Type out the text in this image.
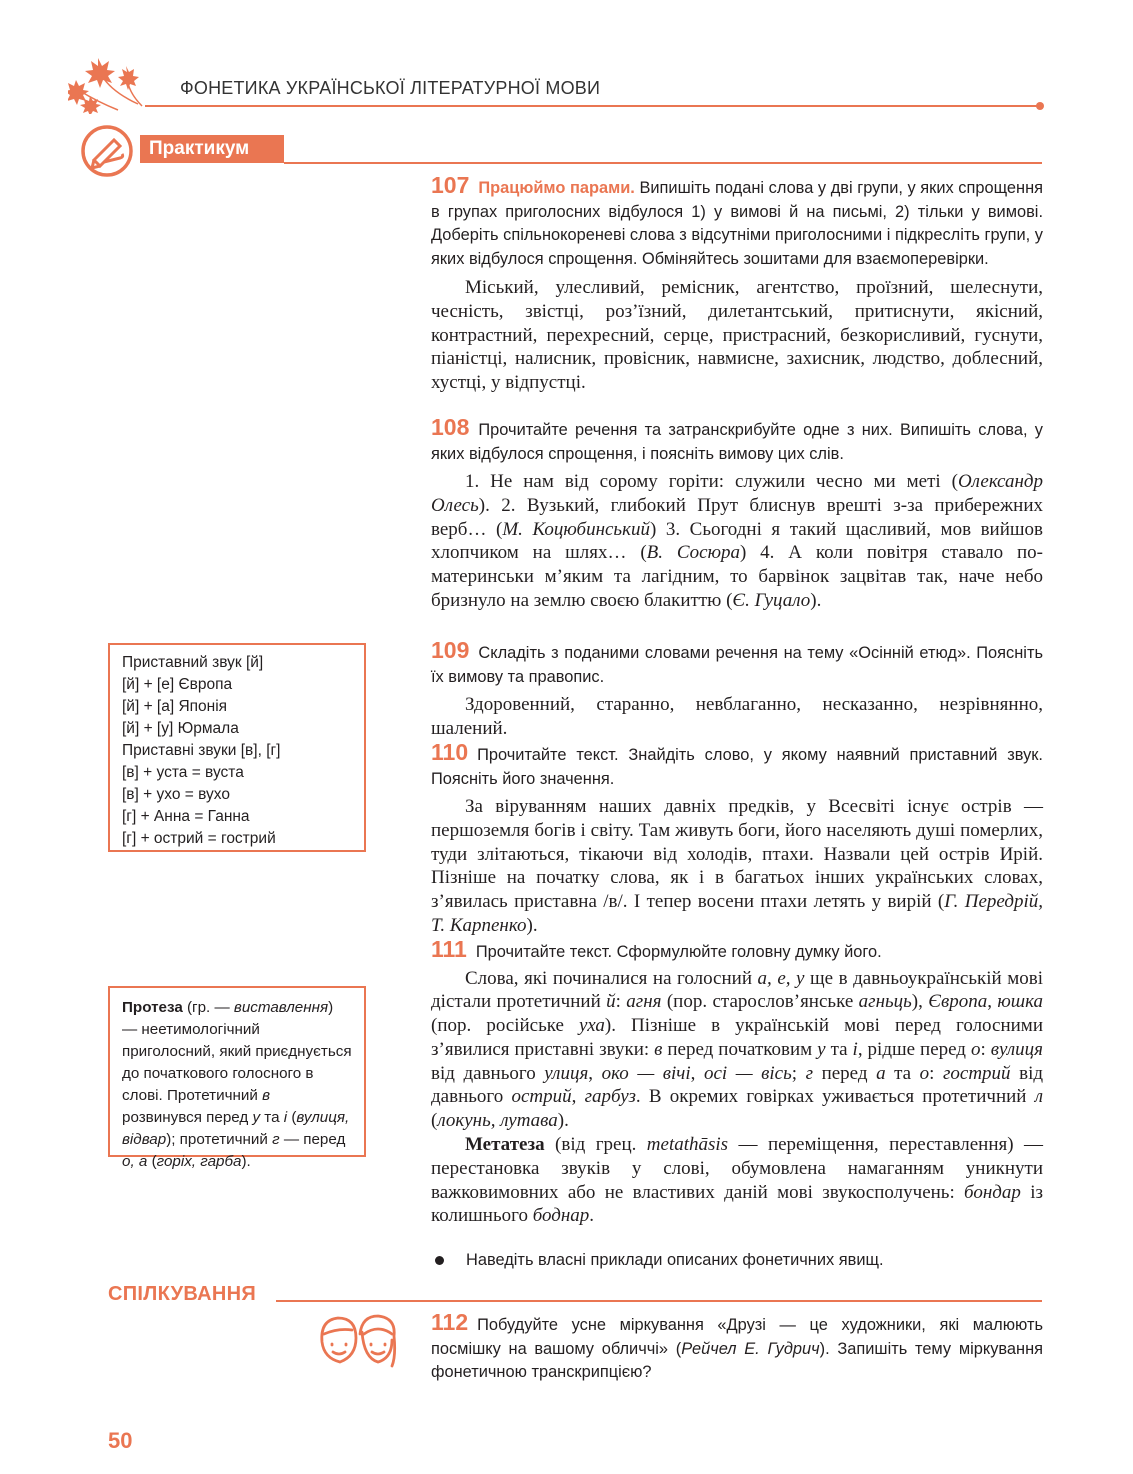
ФОНЕТИКА УКРАЇНСЬКОЇ ЛІТЕРАТУРНОЇ МОВИ
Практикум
107 Працюймо парами. Випишіть подані слова у дві групи, у яких спрощення в групах приголосних відбулося 1) у вимові й на письмі, 2) тільки у вимові. Доберіть спільнокореневі слова з відсутніми приголосними і підкресліть групи, у яких відбулося спрощення. Обміняйтесь зошитами для взаємоперевірки.

Міський, улесливий, ремісник, агентство, проїзний, шелеснути, чесність, звістці, роз’їзний, дилетантський, притиснути, якісний, контрастний, перехресний, серце, пристрасний, безкорисливий, гуснути, піаністці, налисник, провісник, навмисне, захисник, людство, доблесний, хустці, у відпустці.

108 Прочитайте речення та затранскрибуйте одне з них. Випишіть слова, у яких відбулося спрощення, і поясніть вимову цих слів.

1. Не нам від сорому горіти: служили чесно ми меті (Олександр Олесь). 2. Вузький, глибокий Прут блиснув врешті з-за прибережних верб… (М. Коцюбинський) 3. Сьогодні я такий щасливий, мов вийшов хлопчиком на шлях… (В. Сосюра) 4. А коли повітря ставало по-материнськи м’яким та лагідним, то барвінок зацвітав так, наче небо бризнуло на землю своєю блакиттю (Є. Гуцало).

109 Складіть з поданими словами речення на тему «Осінній етюд». Поясніть їх вимову та правопис.

Здоровенний, старанно, невблаганно, несказанно, незрівнянно, шалений.

110 Прочитайте текст. Знайдіть слово, у якому наявний приставний звук. Поясніть його значення.

За віруванням наших давніх предків, у Всесвіті існує острів — першоземля богів і світу. Там живуть боги, його населяють душі померлих, туди злітаються, тікаючи від холодів, птахи. Назвали цей острів Ирій. Пізніше на початку слова, як і в багатьох інших українських словах, з’явилась приставна /в/. І тепер восени птахи летять у вирій (Г. Передрій, Т. Карпенко).

111 Прочитайте текст. Сформулюйте головну думку його.

Слова, які починалися на голосний а, е, у ще в давньоукраїнській мові дістали протетичний й: агня (пор. старослов’янське агньць), Європа, юшка (пор. російське уха). Пізніше в українській мові перед голосними з’явилися приставні звуки: в перед початковим у та і, рідше перед о: вулиця від давнього улиця, око — вічі, осі — вісь; г перед а та о: гострий від давнього острий, гарбуз. В окремих говірках уживається протетичний л (локунь, лутава).

Метатеза (від грец. metathāsis — переміщення, переставлення) — перестановка звуків у слові, обумовлена намаганням уникнути важковимовних або не властивих даній мові звукосполучень: бондар із колишнього боднар.

Наведіть власні приклади описаних фонетичних явищ.
Приставний звук [й]
[й] + [е] Європа
[й] + [а] Японія
[й] + [у] Юрмала
Приставні звуки [в], [г]
[в] + уста = вуста
[в] + ухо = вухо
[г] + Анна = Ганна
[г] + острий = гострий
Протеза (гр. — виставлення) — неетимологічний приголосний, який приєднується до початкового голосного в слові. Протетичний в розвинувся перед у та і (вулиця, відвар); протетичний г — перед о, а (горіх, гарба).
СПІЛКУВАННЯ
112 Побудуйте усне міркування «Друзі — це художники, які малюють посмішку на вашому обличчі» (Рейчел Е. Гудрич). Запишіть тему міркування фонетичною транскрипцією?
50
